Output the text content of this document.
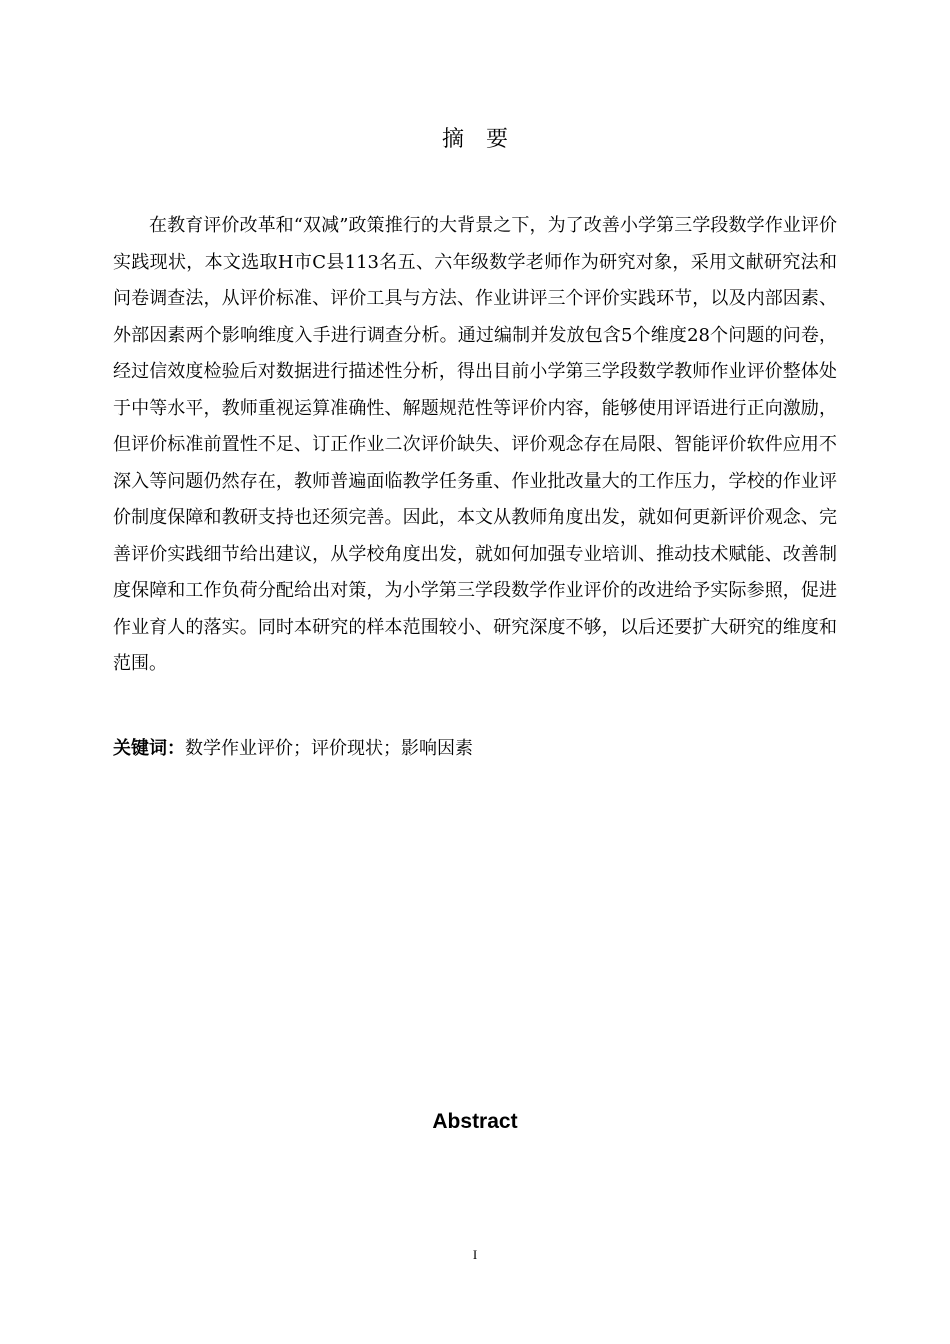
摘要

在教育评价改革和“双减”政策推行的大背景之下，为了改善小学第三学段数学作业评价实践现状，本文选取H市C县113名五、六年级数学老师作为研究对象，采用文献研究法和问卷调查法，从评价标准、评价工具与方法、作业讲评三个评价实践环节，以及内部因素、外部因素两个影响维度入手进行调查分析。通过编制并发放包含5个维度28个问题的问卷，经过信效度检验后对数据进行描述性分析，得出目前小学第三学段数学教师作业评价整体处于中等水平，教师重视运算准确性、解题规范性等评价内容，能够使用评语进行正向激励，但评价标准前置性不足、订正作业二次评价缺失、评价观念存在局限、智能评价软件应用不深入等问题仍然存在，教师普遍面临教学任务重、作业批改量大的工作压力，学校的作业评价制度保障和教研支持也还须完善。因此，本文从教师角度出发，就如何更新评价观念、完善评价实践细节给出建议，从学校角度出发，就如何加强专业培训、推动技术赋能、改善制度保障和工作负荷分配给出对策，为小学第三学段数学作业评价的改进给予实际参照，促进作业育人的落实。同时本研究的样本范围较小、研究深度不够，以后还要扩大研究的维度和范围。

关键词：数学作业评价；评价现状；影响因素
Abstract
I
